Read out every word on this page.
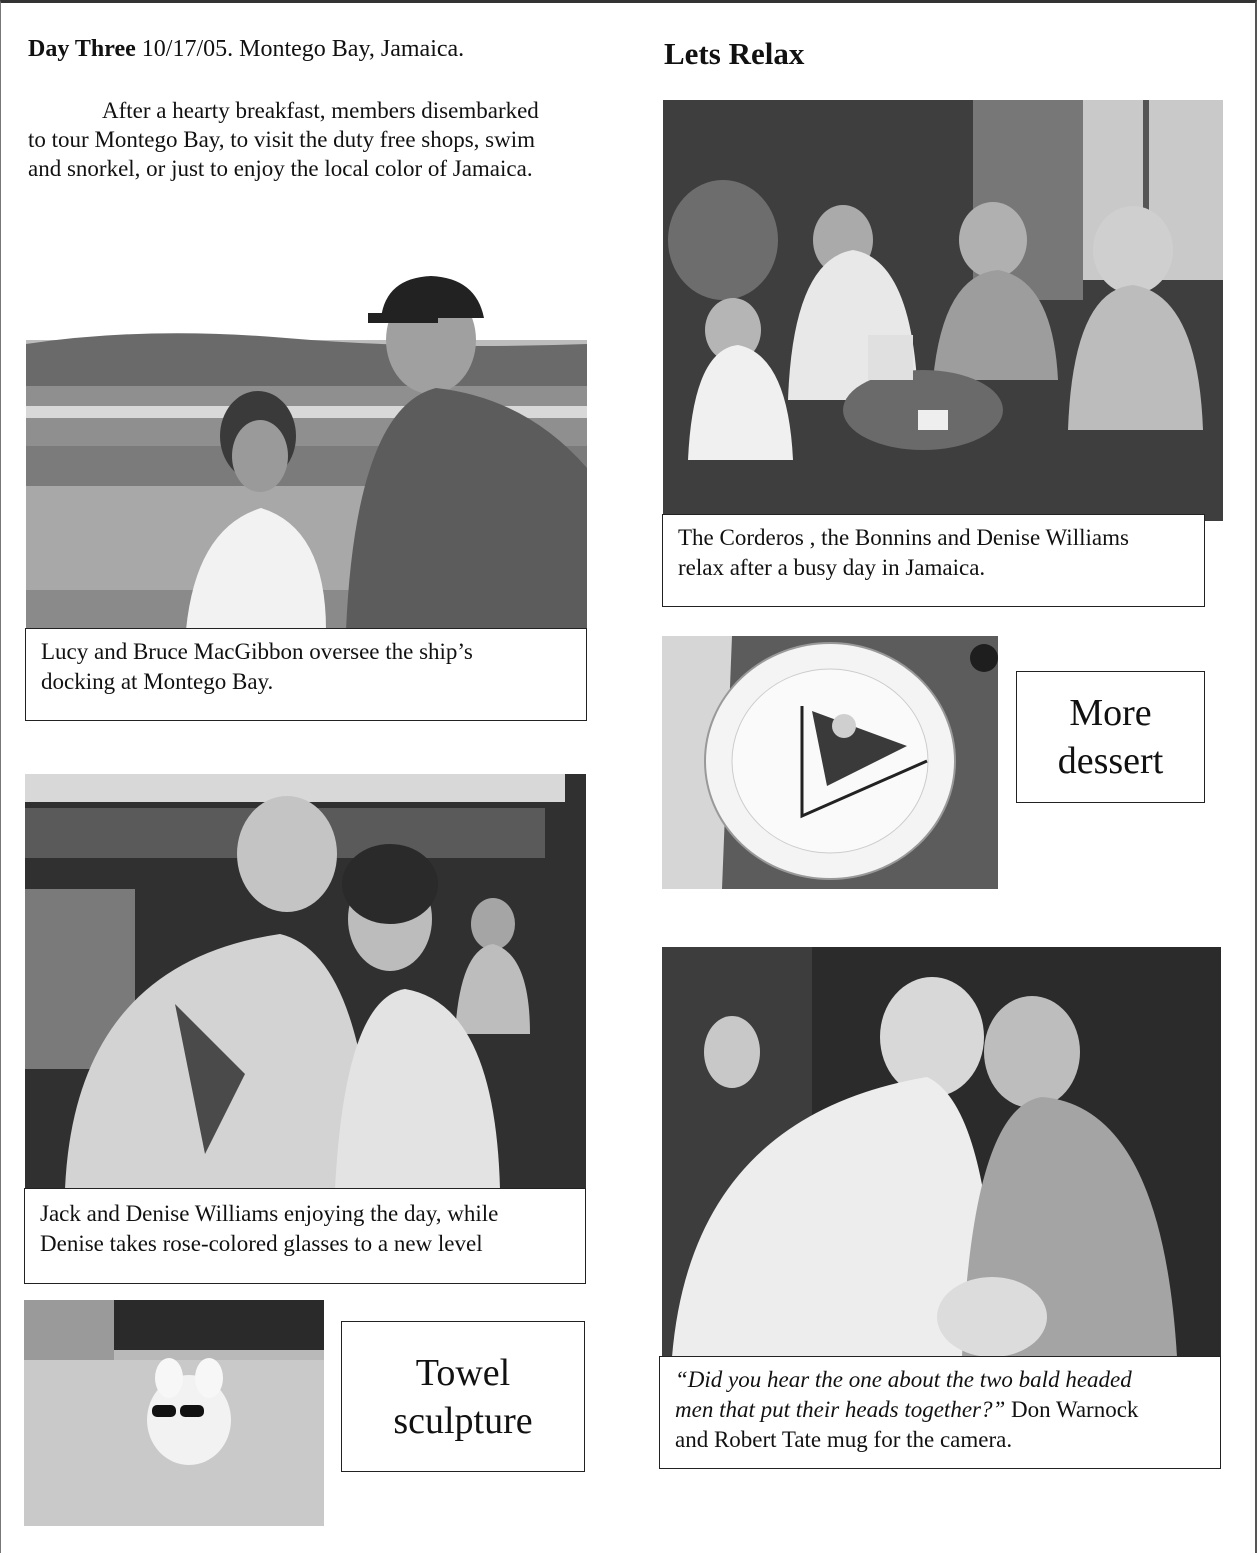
Day Three 10/17/05. Montego Bay, Jamaica.
After a hearty breakfast, members disembarked
to tour Montego Bay, to visit the duty free shops, swim
and snorkel, or just to enjoy the local color of Jamaica.
Lets Relax
Lucy and Bruce MacGibbon oversee the ship’s
docking at Montego Bay.
The Corderos , the Bonnins and Denise Williams
relax after a busy day in Jamaica.
More
dessert
Jack and Denise Williams enjoying the day, while
Denise takes rose-colored glasses to a new level
“Did you hear the one about the two bald headed
men that put their heads together?” Don Warnock
and Robert Tate mug for the camera.
Towel
sculpture
